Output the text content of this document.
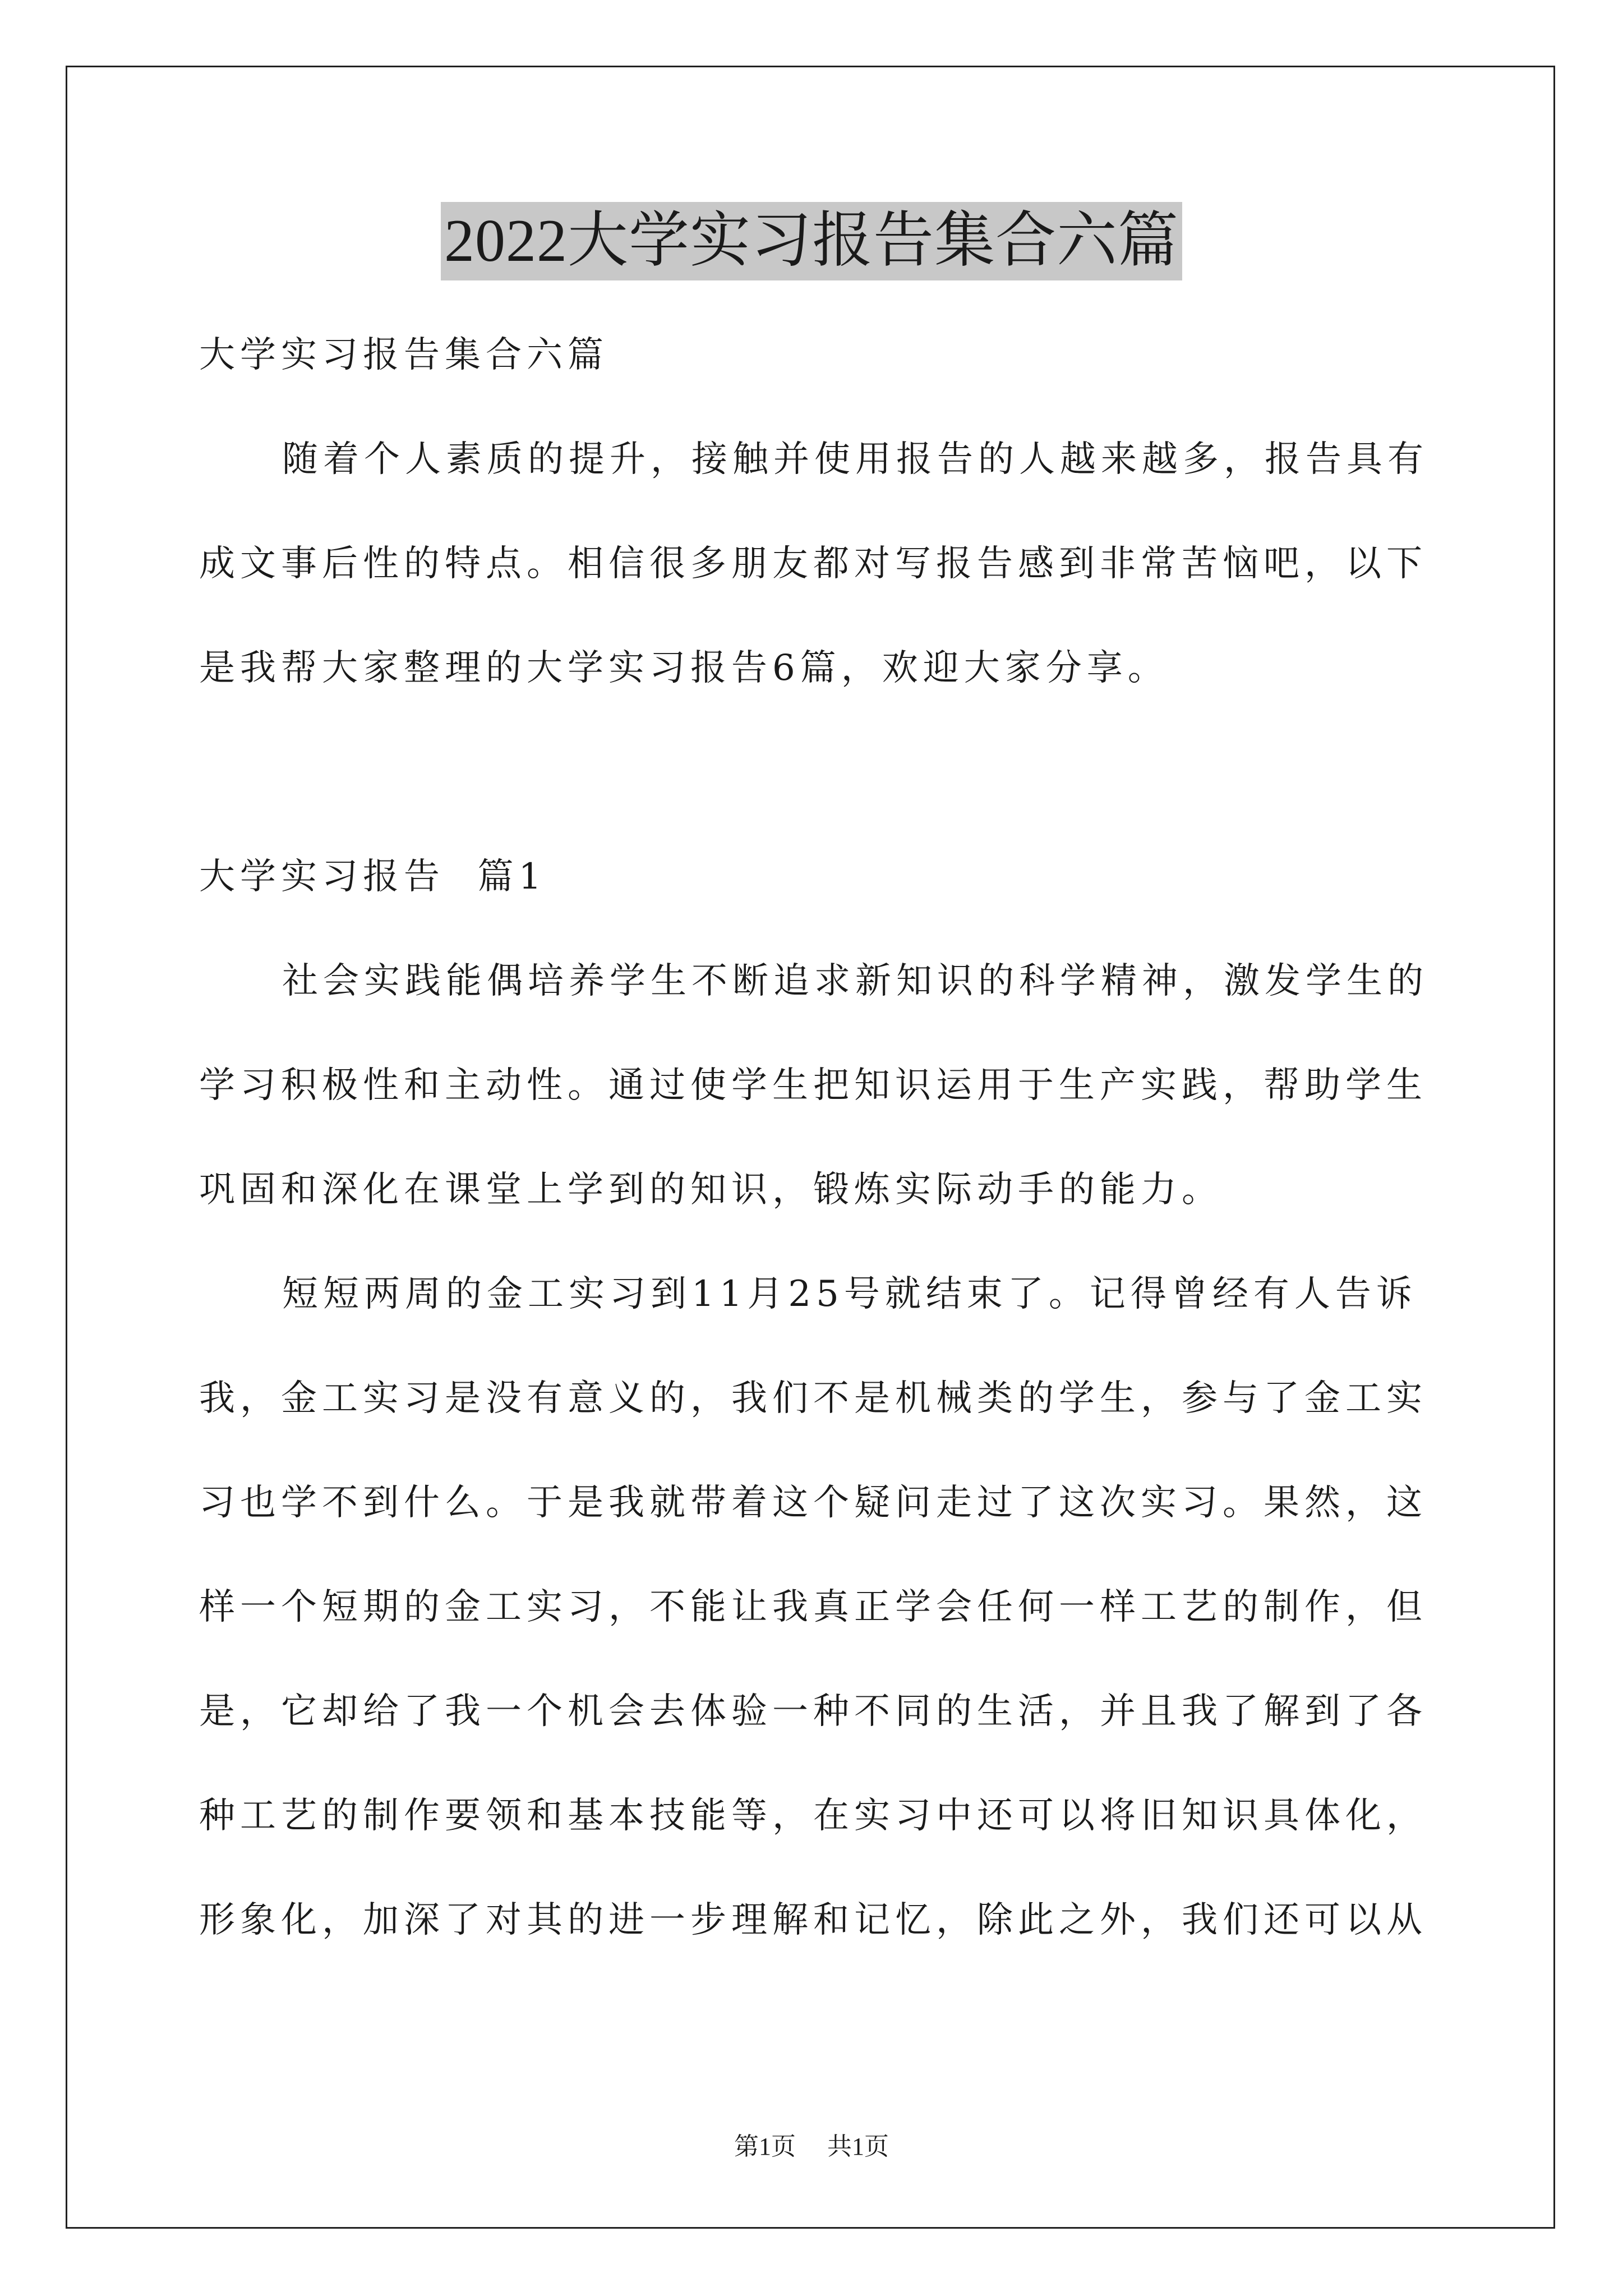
2022大学实习报告集合六篇
大学实习报告集合六篇
随着个人素质的提升，接触并使用报告的人越来越多，报告具有
成文事后性的特点。相信很多朋友都对写报告感到非常苦恼吧，以下
是我帮大家整理的大学实习报告6篇，欢迎大家分享。
大学实习报告  篇1
社会实践能偶培养学生不断追求新知识的科学精神，激发学生的
学习积极性和主动性。通过使学生把知识运用于生产实践，帮助学生
巩固和深化在课堂上学到的知识，锻炼实际动手的能力。
短短两周的金工实习到11月25号就结束了。记得曾经有人告诉
我，金工实习是没有意义的，我们不是机械类的学生，参与了金工实
习也学不到什么。于是我就带着这个疑问走过了这次实习。果然，这
样一个短期的金工实习，不能让我真正学会任何一样工艺的制作，但
是，它却给了我一个机会去体验一种不同的生活，并且我了解到了各
种工艺的制作要领和基本技能等，在实习中还可以将旧知识具体化，
形象化，加深了对其的进一步理解和记忆，除此之外，我们还可以从
第1页 共1页
